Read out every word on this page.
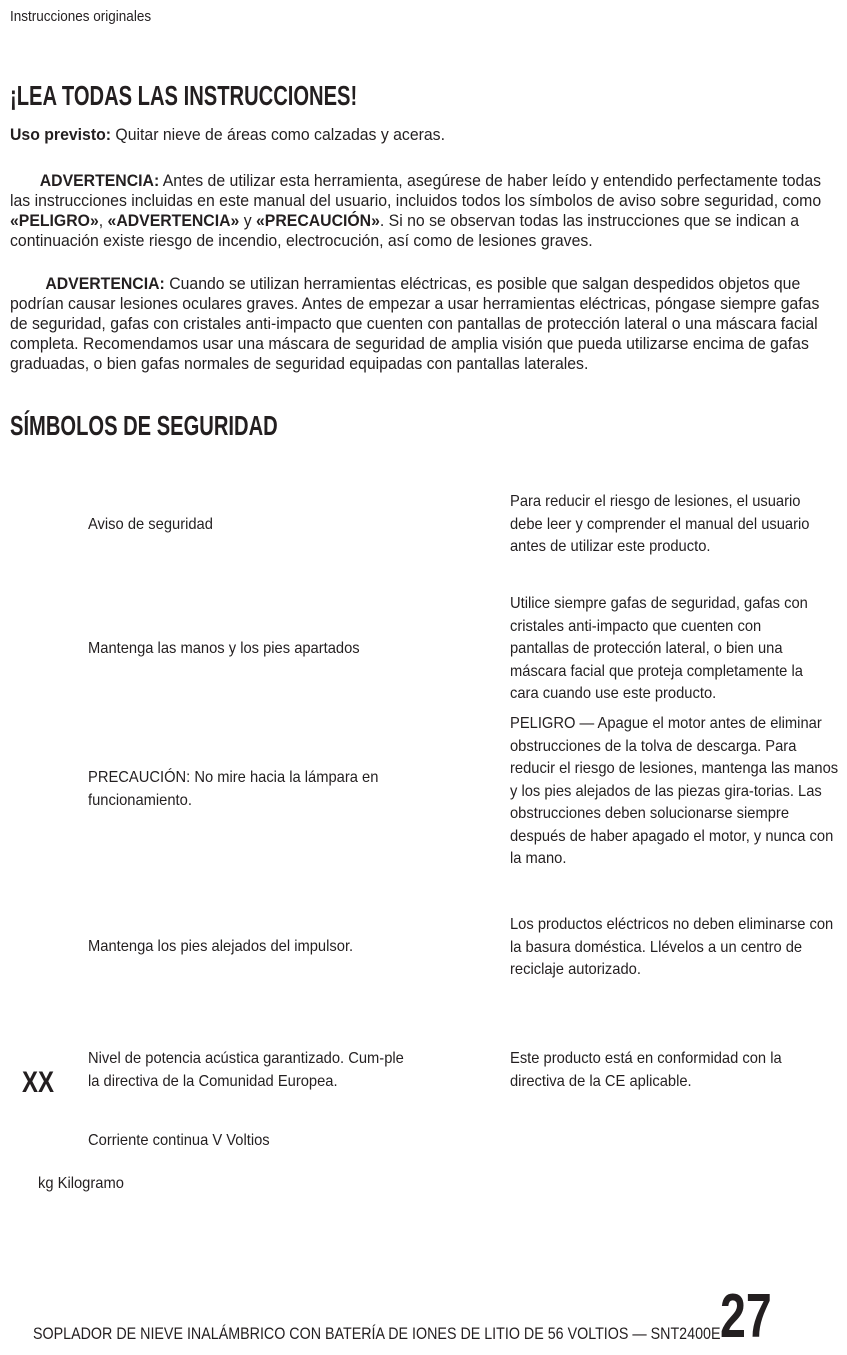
Instrucciones originales
¡LEA TODAS LAS INSTRUCCIONES!
Uso previsto: Quitar nieve de áreas como calzadas y aceras.
ADVERTENCIA: Antes de utilizar esta herramienta, asegúrese de haber leído y entendido perfectamente todas las instrucciones incluidas en este manual del usuario, incluidos todos los símbolos de aviso sobre seguridad, como «PELIGRO», «ADVERTENCIA» y «PRECAUCIÓN». Si no se observan todas las instrucciones que se indican a continuación existe riesgo de incendio, electrocución, así como de lesiones graves.
ADVERTENCIA: Cuando se utilizan herramientas eléctricas, es posible que salgan despedidos objetos que podrían causar lesiones oculares graves. Antes de empezar a usar herramientas eléctricas, póngase siempre gafas de seguridad, gafas con cristales anti-impacto que cuenten con pantallas de protección lateral o una máscara facial completa. Recomendamos usar una máscara de seguridad de amplia visión que pueda utilizarse encima de gafas graduadas, o bien gafas normales de seguridad equipadas con pantallas laterales.
SÍMBOLOS DE SEGURIDAD
Aviso de seguridad
Mantenga las manos y los pies apartados
PRECAUCIÓN: No mire hacia la lámpara en funcionamiento.
Mantenga los pies alejados del impulsor.
Nivel de potencia acústica garantizado. Cum-ple la directiva de la Comunidad Europea.
XX
Corriente continua V Voltios
kg Kilogramo
Para reducir el riesgo de lesiones, el usuario debe leer y comprender el manual del usuario antes de utilizar este producto.
Utilice siempre gafas de seguridad, gafas con cristales anti-impacto que cuenten con pantallas de protección lateral, o bien una máscara facial que proteja completamente la cara cuando use este producto.
PELIGRO — Apague el motor antes de eliminar obstrucciones de la tolva de descarga. Para reducir el riesgo de lesiones, mantenga las manos y los pies alejados de las piezas gira-torias. Las obstrucciones deben solucionarse siempre después de haber apagado el motor, y nunca con la mano.
Los productos eléctricos no deben eliminarse con la basura doméstica. Llévelos a un centro de reciclaje autorizado.
Este producto está en conformidad con la directiva de la CE aplicable.
SOPLADOR DE NIEVE INALÁMBRICO CON BATERÍA DE IONES DE LITIO DE 56 VOLTIOS — SNT2400E 27
